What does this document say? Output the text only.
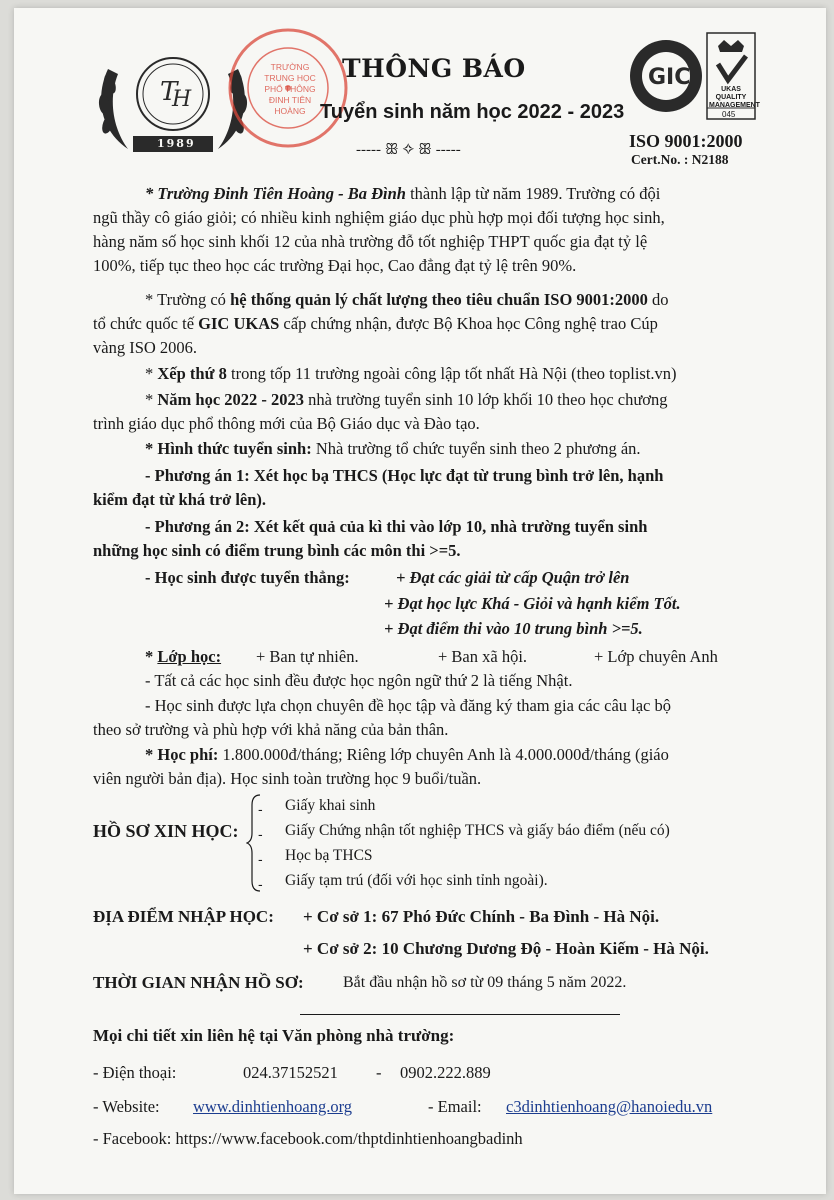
T
H
1989
TRƯỜNG TRUNG HỌC PHỔ THÔNG ĐINH TIÊN HOÀNG
THÔNG BÁO
Tuyển sinh năm học 2022 - 2023
----- ꕥ ✧ ꕥ -----
GIC	UKAS QUALITY MANAGEMENT
045
ISO 9001:2000
Cert.No. : N2188
* Trường Đinh Tiên Hoàng - Ba Đình thành lập từ năm 1989. Trường có đội
ngũ thầy cô giáo giỏi; có nhiều kinh nghiệm giáo dục phù hợp mọi đối tượng học sinh,
hàng năm số học sinh khối 12 của nhà trường đỗ tốt nghiệp THPT quốc gia đạt tỷ lệ
100%, tiếp tục theo học các trường Đại học, Cao đẳng đạt tỷ lệ trên 90%.
* Trường có hệ thống quản lý chất lượng theo tiêu chuẩn ISO 9001:2000 do
tổ chức quốc tế GIC UKAS cấp chứng nhận, được Bộ Khoa học Công nghệ trao Cúp
vàng ISO 2006.
* Xếp thứ 8 trong tốp 11 trường ngoài công lập tốt nhất Hà Nội (theo toplist.vn)
* Năm học 2022 - 2023 nhà trường tuyển sinh 10 lớp khối 10 theo học chương
trình giáo dục phổ thông mới của Bộ Giáo dục và Đào tạo.
* Hình thức tuyển sinh: Nhà trường tổ chức tuyển sinh theo 2 phương án.
- Phương án 1: Xét học bạ THCS (Học lực đạt từ trung bình trở lên, hạnh
kiểm đạt từ khá trở lên).
- Phương án 2: Xét kết quả của kì thi vào lớp 10, nhà trường tuyển sinh
những học sinh có điểm trung bình các môn thi >=5.
- Học sinh được tuyển thẳng:	+ Đạt các giải từ cấp Quận trở lên
+ Đạt học lực Khá - Giỏi và hạnh kiểm Tốt.
+ Đạt điểm thi vào 10 trung bình >=5.
* Lớp học: + Ban tự nhiên.	+ Ban xã hội.	+ Lớp chuyên Anh
- Tất cả các học sinh đều được học ngôn ngữ thứ 2 là tiếng Nhật.
- Học sinh được lựa chọn chuyên đề học tập và đăng ký tham gia các câu lạc bộ
theo sở trường và phù hợp với khả năng của bản thân.
* Học phí: 1.800.000đ/tháng; Riêng lớp chuyên Anh là 4.000.000đ/tháng (giáo
viên người bản địa). Học sinh toàn trường học 9 buổi/tuần.
HỒ SƠ XIN HỌC:
-
-
-
-
Giấy khai sinh
Giấy Chứng nhận tốt nghiệp THCS và giấy báo điểm (nếu có)
Học bạ THCS
Giấy tạm trú (đối với học sinh tỉnh ngoài).
ĐỊA ĐIỂM NHẬP HỌC: + Cơ sở 1: 67 Phó Đức Chính - Ba Đình - Hà Nội.
+ Cơ sở 2: 10 Chương Dương Độ - Hoàn Kiếm - Hà Nội.
THỜI GIAN NHẬN HỒ SƠ: Bắt đầu nhận hồ sơ từ 09 tháng 5 năm 2022.
Mọi chi tiết xin liên hệ tại Văn phòng nhà trường:
- Điện thoại:	024.37152521 - 0902.222.889
- Website: www.dinhtienhoang.org	- Email: c3dinhtienhoang@hanoiedu.vn
- Facebook: https://www.facebook.com/thptdinhtienhoangbadinh
